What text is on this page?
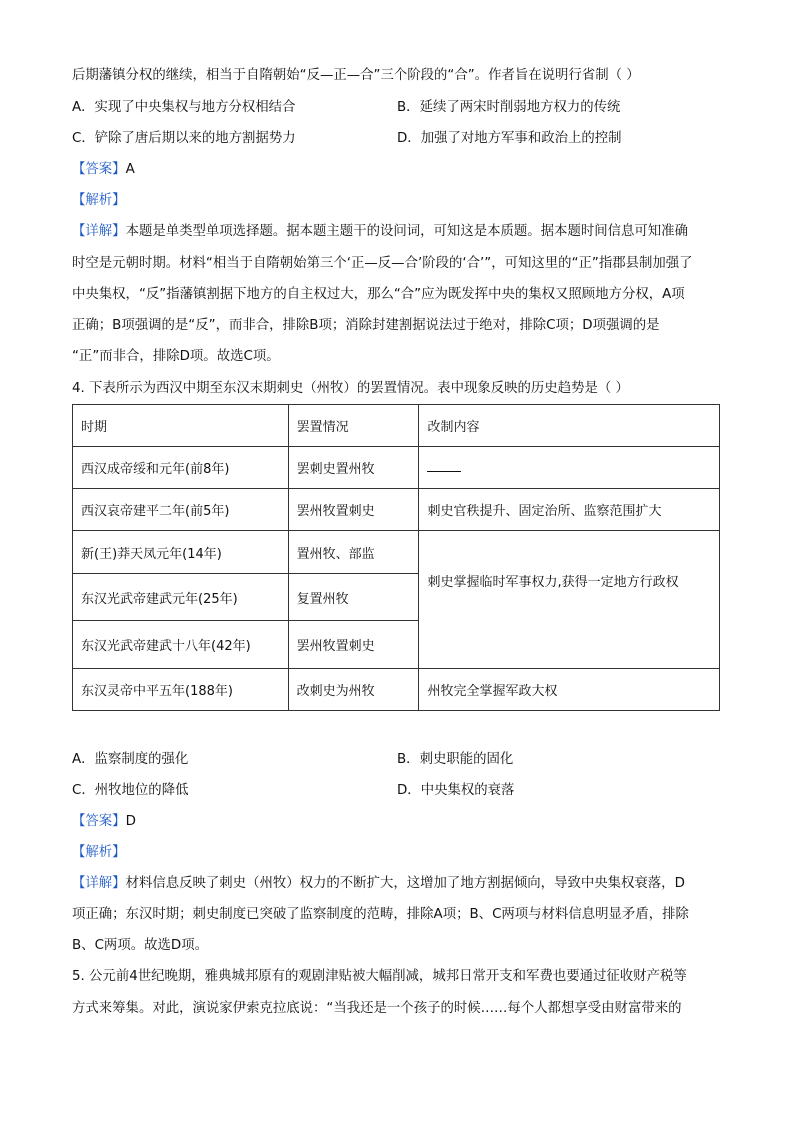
后期藩镇分权的继续，相当于自隋朝始“反—正—合”三个阶段的“合”。作者旨在说明行省制（ ）
A．实现了中央集权与地方分权相结合	B．延续了两宋时削弱地方权力的传统
C．铲除了唐后期以来的地方割据势力	D．加强了对地方军事和政治上的控制
【答案】A
【解析】
【详解】本题是单类型单项选择题。据本题主题干的设问词，可知这是本质题。据本题时间信息可知准确
时空是元朝时期。材料“相当于自隋朝始第三个‘正—反—合’阶段的‘合’”，可知这里的“正”指郡县制加强了
中央集权，“反”指藩镇割据下地方的自主权过大，那么“合”应为既发挥中央的集权又照顾地方分权，A项
正确；B项强调的是“反”，而非合，排除B项；消除封建割据说法过于绝对，排除C项；D项强调的是
“正”而非合，排除D项。故选C项。
4. 下表所示为西汉中期至东汉末期刺史（州牧）的罢置情况。表中现象反映的历史趋势是（ ）
时期	罢置情况	改制内容
西汉成帝绥和元年(前8年)	罢刺史置州牧	
西汉哀帝建平二年(前5年)	罢州牧置刺史	刺史官秩提升、固定治所、监察范围扩大
新(王)莽天凤元年(14年)	置州牧、部监	刺史掌握临时军事权力,获得一定地方行政权
东汉光武帝建武元年(25年)	复置州牧	
东汉光武帝建武十八年(42年)	罢州牧置刺史	
东汉灵帝中平五年(188年)	改刺史为州牧	州牧完全掌握军政大权
A．监察制度的强化	B．刺史职能的固化
C．州牧地位的降低	D．中央集权的衰落
【答案】D
【解析】
【详解】材料信息反映了刺史（州牧）权力的不断扩大，这增加了地方割据倾向，导致中央集权衰落，D
项正确；东汉时期；刺史制度已突破了监察制度的范畴，排除A项；B、C两项与材料信息明显矛盾，排除
B、C两项。故选D项。
5. 公元前4世纪晚期，雅典城邦原有的观剧津贴被大幅削减，城邦日常开支和军费也要通过征收财产税等
方式来筹集。对此，演说家伊索克拉底说：“当我还是一个孩子的时候……每个人都想享受由财富带来的
